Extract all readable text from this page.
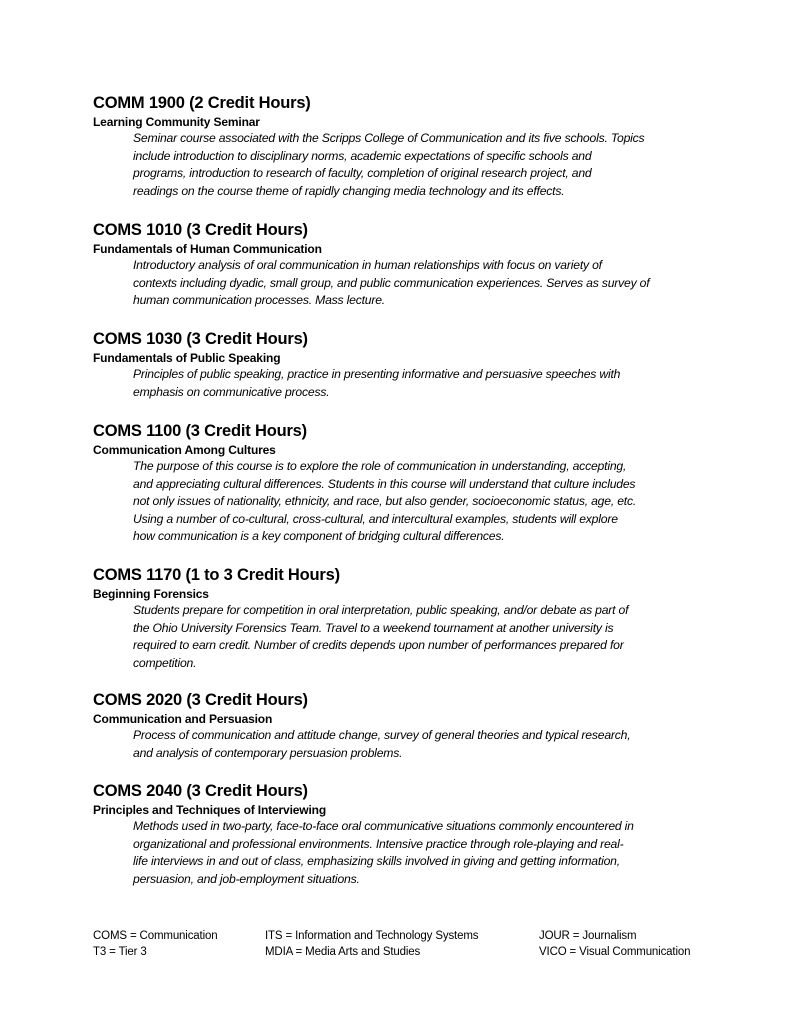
COMM 1900 (2 Credit Hours)
Learning Community Seminar
Seminar course associated with the Scripps College of Communication and its five schools. Topics
include introduction to disciplinary norms, academic expectations of specific schools and
programs, introduction to research of faculty, completion of original research project, and
readings on the course theme of rapidly changing media technology and its effects.
COMS 1010 (3 Credit Hours)
Fundamentals of Human Communication
Introductory analysis of oral communication in human relationships with focus on variety of
contexts including dyadic, small group, and public communication experiences. Serves as survey of
human communication processes. Mass lecture.
COMS 1030 (3 Credit Hours)
Fundamentals of Public Speaking
Principles of public speaking, practice in presenting informative and persuasive speeches with
emphasis on communicative process.
COMS 1100 (3 Credit Hours)
Communication Among Cultures
The purpose of this course is to explore the role of communication in understanding, accepting,
and appreciating cultural differences. Students in this course will understand that culture includes
not only issues of nationality, ethnicity, and race, but also gender, socioeconomic status, age, etc.
Using a number of co-cultural, cross-cultural, and intercultural examples, students will explore
how communication is a key component of bridging cultural differences.
COMS 1170 (1 to 3 Credit Hours)
Beginning Forensics
Students prepare for competition in oral interpretation, public speaking, and/or debate as part of
the Ohio University Forensics Team. Travel to a weekend tournament at another university is
required to earn credit. Number of credits depends upon number of performances prepared for
competition.
COMS 2020 (3 Credit Hours)
Communication and Persuasion
Process of communication and attitude change, survey of general theories and typical research,
and analysis of contemporary persuasion problems.
COMS 2040 (3 Credit Hours)
Principles and Techniques of Interviewing
Methods used in two-party, face-to-face oral communicative situations commonly encountered in
organizational and professional environments. Intensive practice through role-playing and real-
life interviews in and out of class, emphasizing skills involved in giving and getting information,
persuasion, and job-employment situations.
COMS = Communication
T3 = Tier 3
ITS = Information and Technology Systems
MDIA = Media Arts and Studies
JOUR = Journalism
VICO = Visual Communication
